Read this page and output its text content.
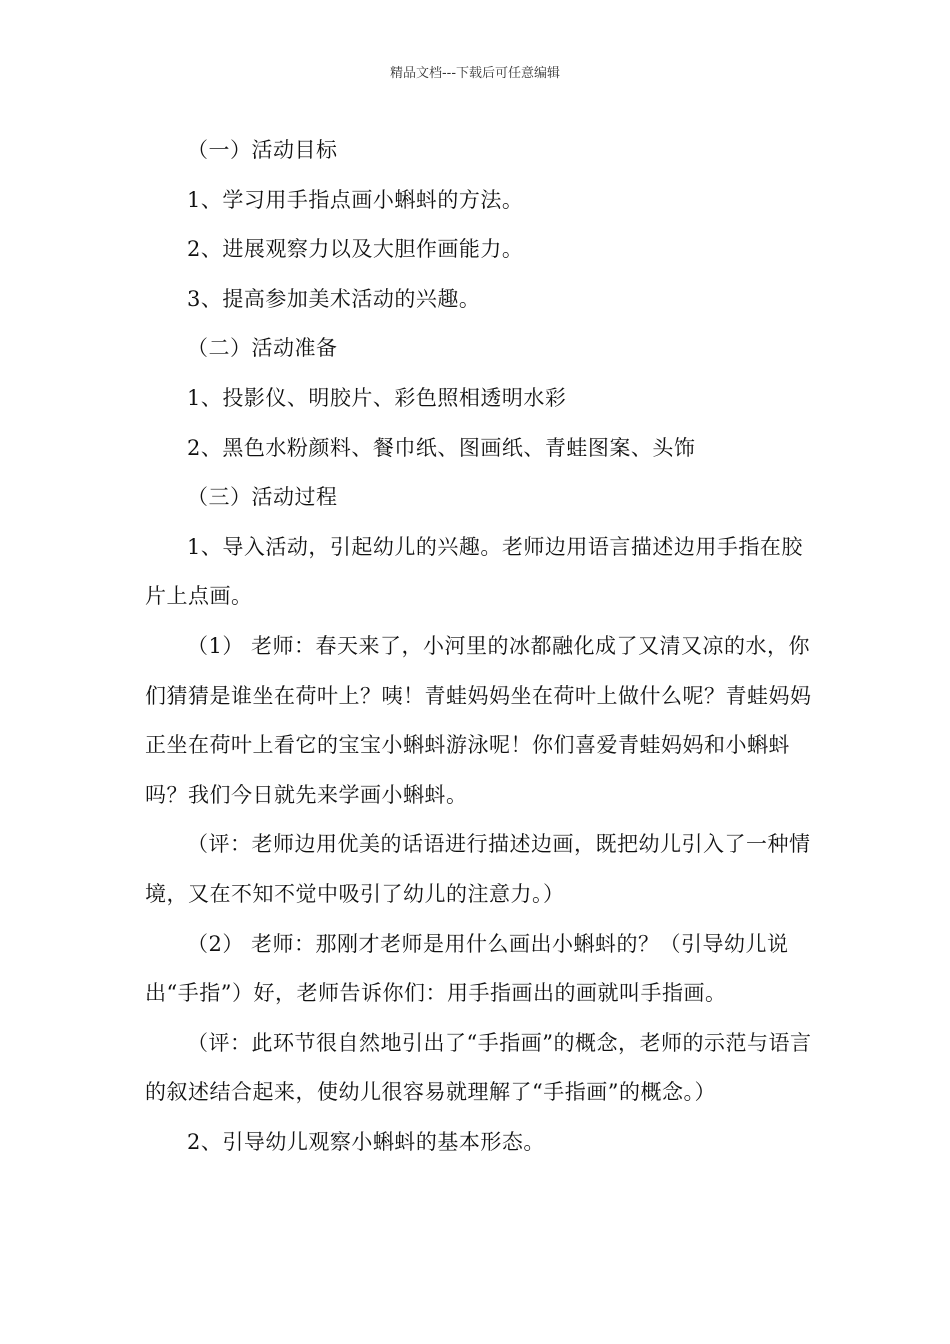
精品文档---下载后可任意编辑

（一）活动目标

1、学习用手指点画小蝌蚪的方法。

2、进展观察力以及大胆作画能力。

3、提高参加美术活动的兴趣。

（二）活动准备

1、投影仪、明胶片、彩色照相透明水彩

2、黑色水粉颜料、餐巾纸、图画纸、青蛙图案、头饰

（三）活动过程

1、导入活动，引起幼儿的兴趣。老师边用语言描述边用手指在胶片上点画。

（1） 老师：春天来了，小河里的冰都融化成了又清又凉的水，你们猜猜是谁坐在荷叶上？咦！青蛙妈妈坐在荷叶上做什么呢？青蛙妈妈正坐在荷叶上看它的宝宝小蝌蚪游泳呢！你们喜爱青蛙妈妈和小蝌蚪吗？我们今日就先来学画小蝌蚪。

（评：老师边用优美的话语进行描述边画，既把幼儿引入了一种情境，又在不知不觉中吸引了幼儿的注意力。）

（2） 老师：那刚才老师是用什么画出小蝌蚪的？（引导幼儿说出“手指”）好，老师告诉你们：用手指画出的画就叫手指画。

（评：此环节很自然地引出了“手指画”的概念，老师的示范与语言的叙述结合起来，使幼儿很容易就理解了“手指画”的概念。）

2、引导幼儿观察小蝌蚪的基本形态。
